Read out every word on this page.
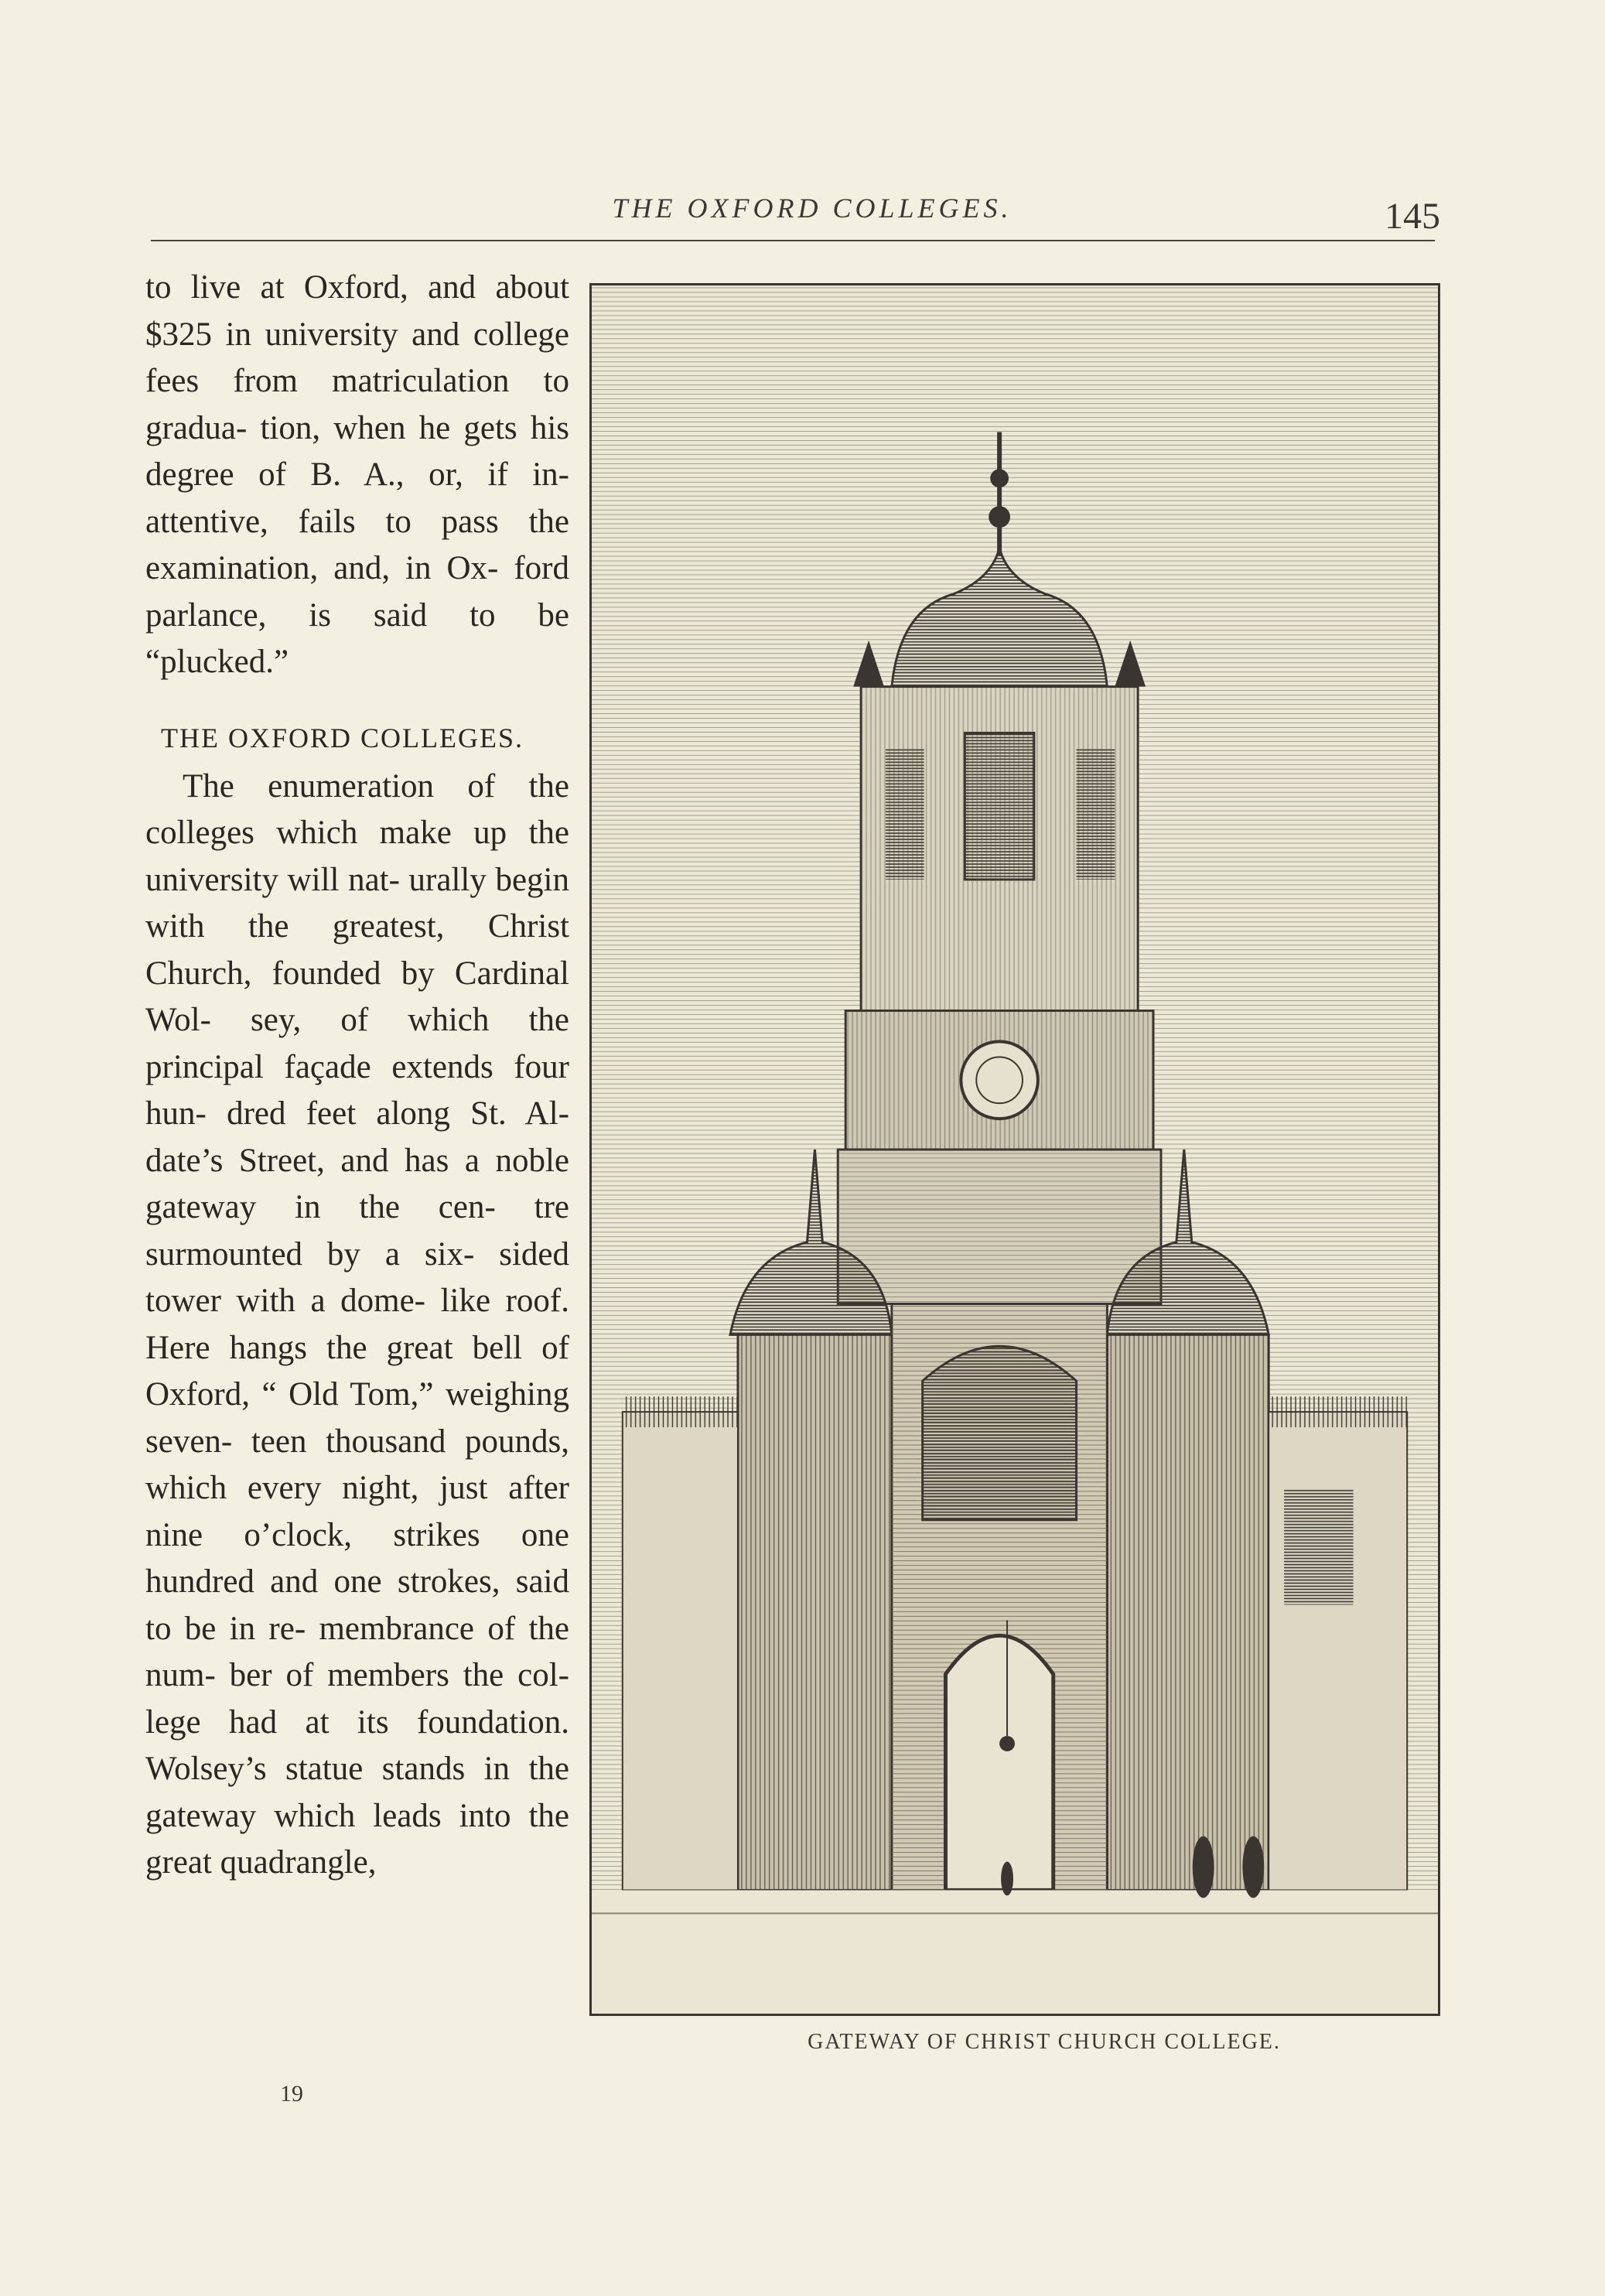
THE OXFORD COLLEGES.	145

to live at Oxford, and about $325 in university and college fees from matriculation to gradua- tion, when he gets his degree of B. A., or, if in- attentive, fails to pass the examination, and, in Ox- ford parlance, is said to be “plucked.”

THE OXFORD COLLEGES.

The enumeration of the colleges which make up the university will nat- urally begin with the greatest, Christ Church, founded by Cardinal Wol- sey, of which the principal façade extends four hun- dred feet along St. Al- date’s Street, and has a noble gateway in the cen- tre surmounted by a six- sided tower with a dome- like roof. Here hangs the great bell of Oxford, “ Old Tom,” weighing seven- teen thousand pounds, which every night, just after nine o’clock, strikes one hundred and one strokes, said to be in re- membrance of the num- ber of members the col- lege had at its foundation. Wolsey’s statue stands in the gateway which leads into the great quadrangle,

19
GATEWAY OF CHRIST CHURCH COLLEGE.
